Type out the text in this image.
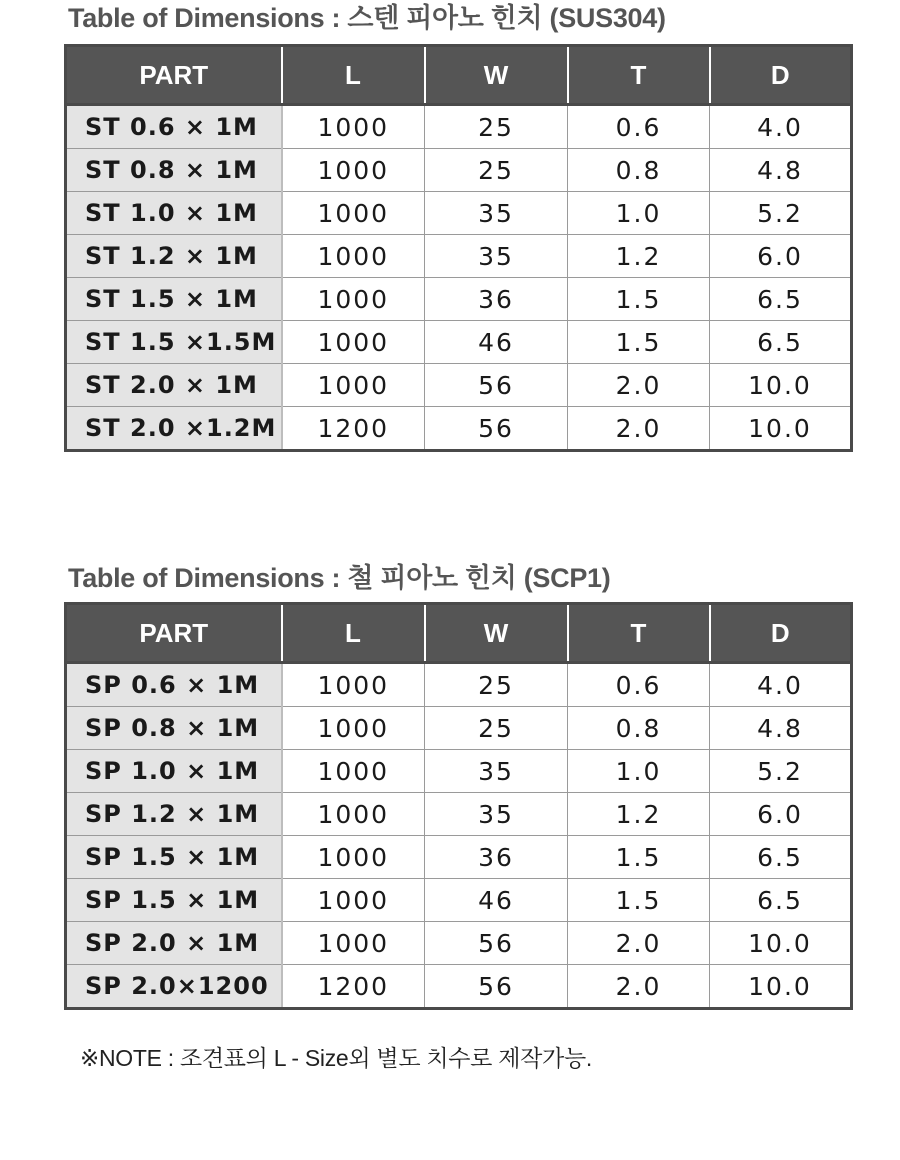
Table of Dimensions : 스텐 피아노 힌치 (SUS304)
PART	L	W	T	D
ST 0.6 × 1M	1000	25	0.6	4.0
ST 0.8 × 1M	1000	25	0.8	4.8
ST 1.0 × 1M	1000	35	1.0	5.2
ST 1.2 × 1M	1000	35	1.2	6.0
ST 1.5 × 1M	1000	36	1.5	6.5
ST 1.5 ×1.5M	1000	46	1.5	6.5
ST 2.0 × 1M	1000	56	2.0	10.0
ST 2.0 ×1.2M	1200	56	2.0	10.0
Table of Dimensions : 철 피아노 힌치 (SCP1)
PART	L	W	T	D
SP 0.6 × 1M	1000	25	0.6	4.0
SP 0.8 × 1M	1000	25	0.8	4.8
SP 1.0 × 1M	1000	35	1.0	5.2
SP 1.2 × 1M	1000	35	1.2	6.0
SP 1.5 × 1M	1000	36	1.5	6.5
SP 1.5 × 1M	1000	46	1.5	6.5
SP 2.0 × 1M	1000	56	2.0	10.0
SP 2.0×1200	1200	56	2.0	10.0
※NOTE : 조견표의 L - Size외 별도 치수로 제작가능.
